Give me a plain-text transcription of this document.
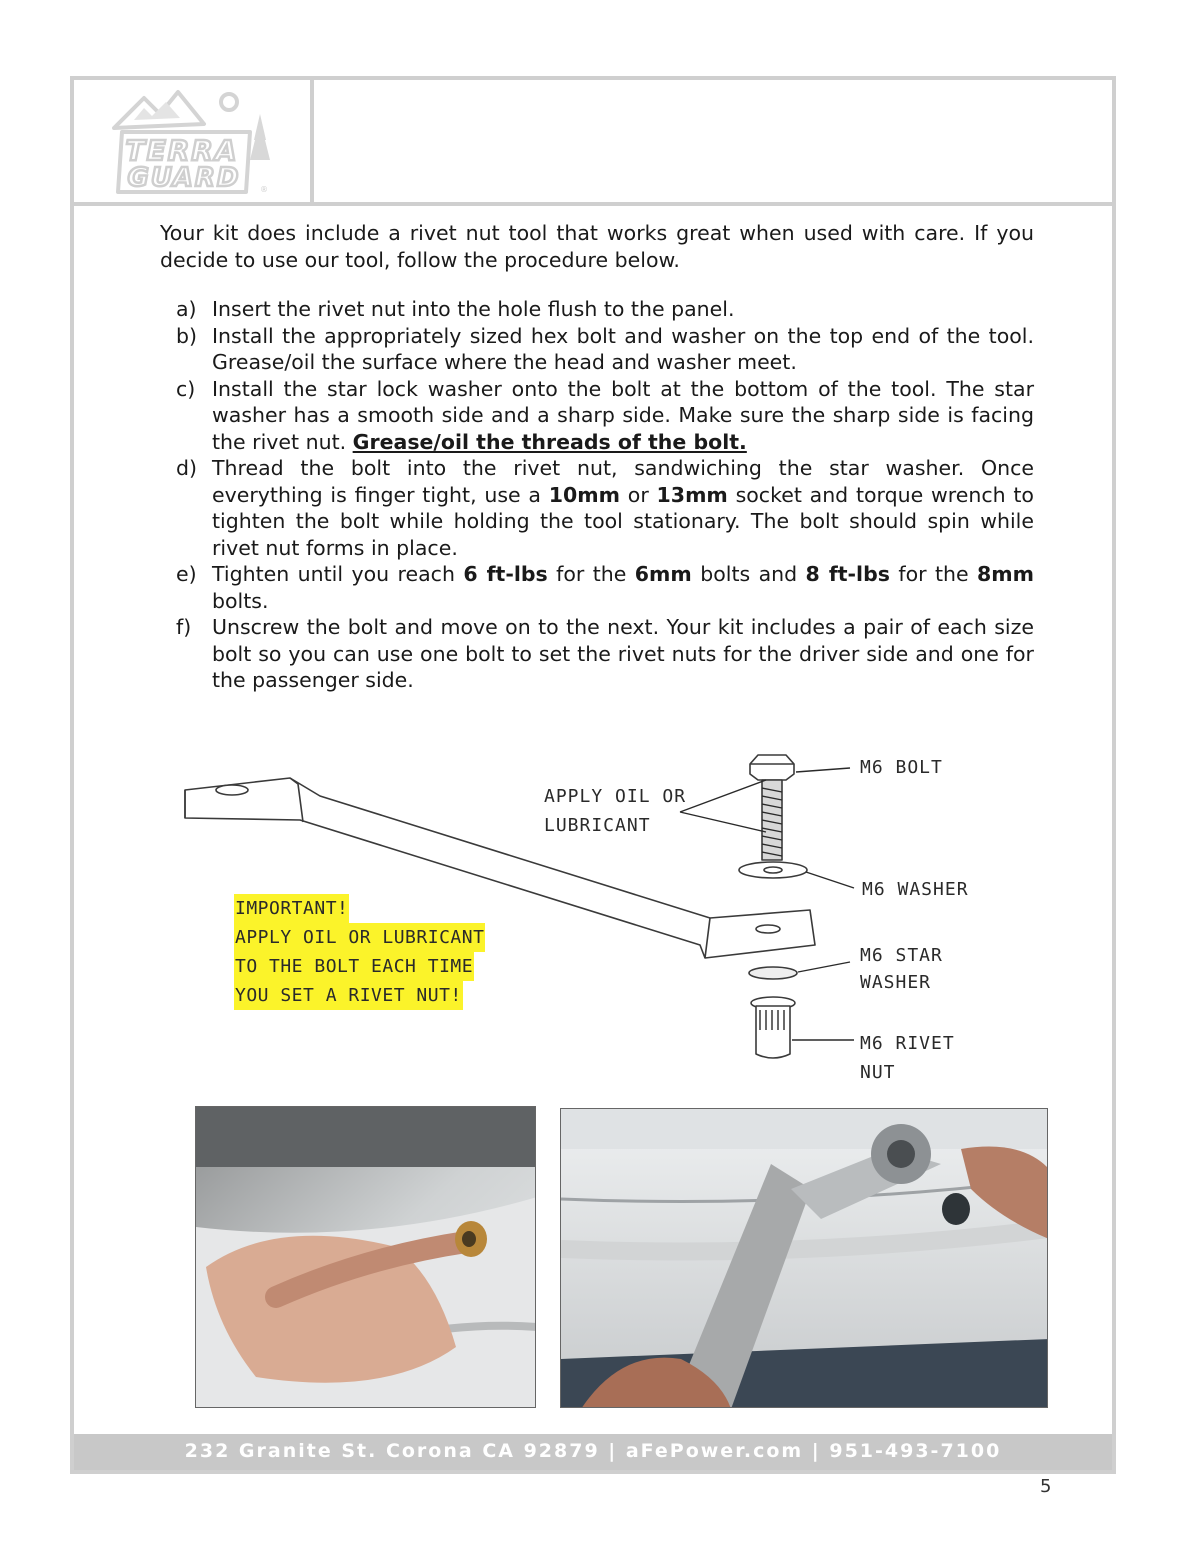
TERRA
GUARD ®

Your kit does include a rivet nut tool that works great when used with care. If you decide to use our tool, follow the procedure below.

a) Insert the rivet nut into the hole flush to the panel.
b) Install the appropriately sized hex bolt and washer on the top end of the tool. Grease/oil the surface where the head and washer meet.
c) Install the star lock washer onto the bolt at the bottom of the tool. The star washer has a smooth side and a sharp side. Make sure the sharp side is facing the rivet nut. Grease/oil the threads of the bolt.
d) Thread the bolt into the rivet nut, sandwiching the star washer. Once everything is finger tight, use a 10mm or 13mm socket and torque wrench to tighten the bolt while holding the tool stationary. The bolt should spin while rivet nut forms in place.
e) Tighten until you reach 6 ft-lbs for the 6mm bolts and 8 ft-lbs for the 8mm bolts.
f) Unscrew the bolt and move on to the next. Your kit includes a pair of each size bolt so you can use one bolt to set the rivet nuts for the driver side and one for the passenger side.
M6 BOLT
APPLY OIL OR
LUBRICANT
M6 WASHER
M6 STAR
WASHER
M6 RIVET
NUT
IMPORTANT!
APPLY OIL OR LUBRICANT
TO THE BOLT EACH TIME
YOU SET A RIVET NUT!
232 Granite St. Corona CA 92879 | aFePower.com | 951-493-7100
5
